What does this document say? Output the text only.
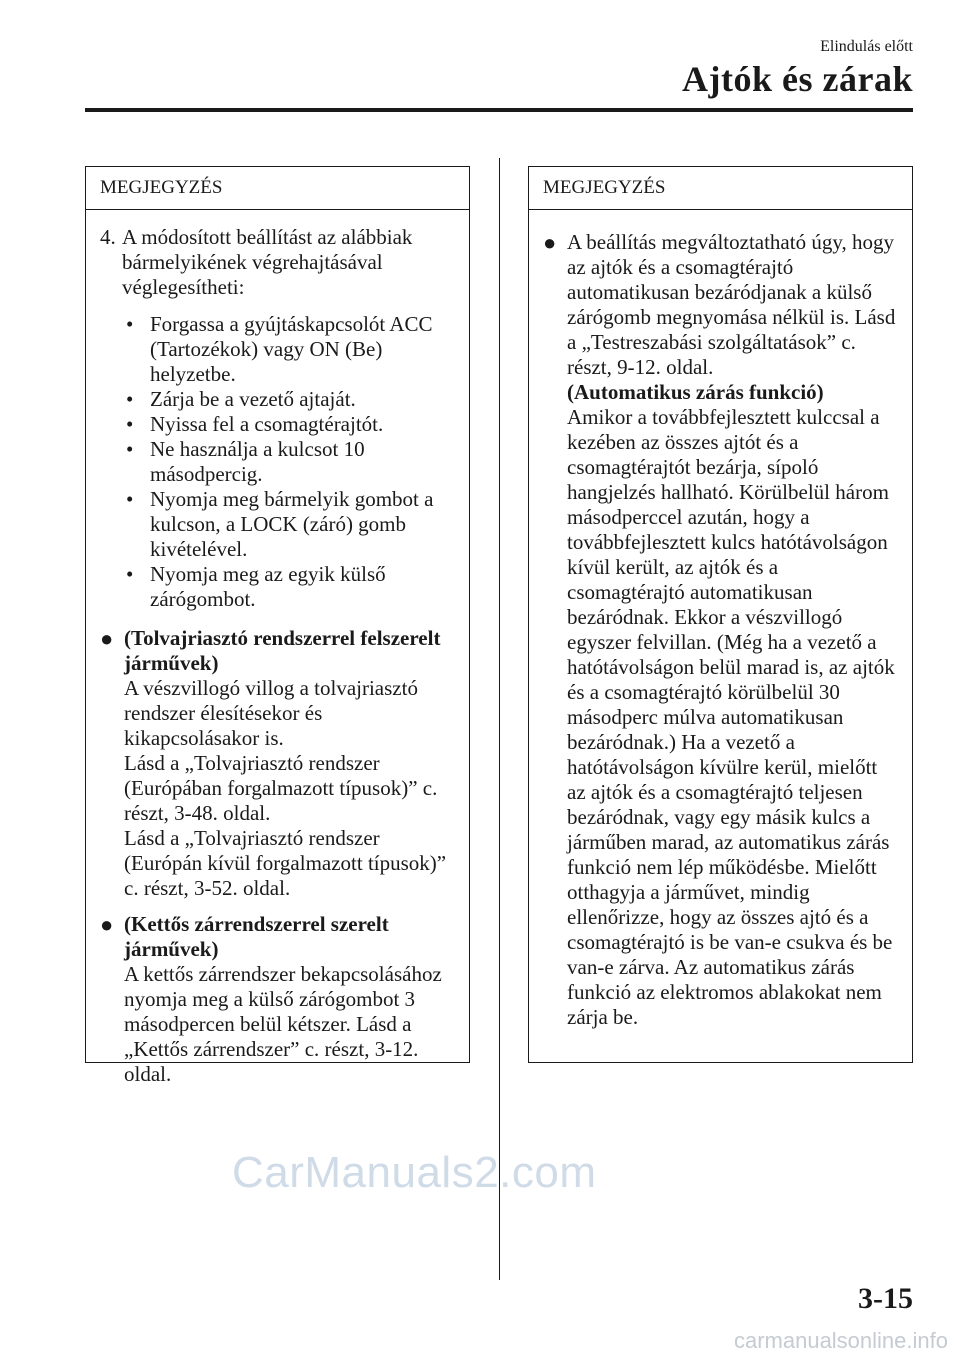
Elindulás előtt
Ajtók és zárak
MEGJEGYZÉS
4. A módosított beállítást az alábbiak bármelyikének végrehajtásával véglegesítheti:
• Forgassa a gyújtáskapcsolót ACC (Tartozékok) vagy ON (Be) helyzetbe.
• Zárja be a vezető ajtaját.
• Nyissa fel a csomagtérajtót.
• Ne használja a kulcsot 10 másodpercig.
• Nyomja meg bármelyik gombot a kulcson, a LOCK (záró) gomb kivételével.
• Nyomja meg az egyik külső zárógombot.
● (Tolvajriasztó rendszerrel felszerelt járművek)

A vészvillogó villog a tolvajriasztó rendszer élesítésekor és kikapcsolásakor is.

Lásd a „Tolvajriasztó rendszer (Európában forgalmazott típusok)” c. részt, 3-48. oldal.

Lásd a „Tolvajriasztó rendszer (Európán kívül forgalmazott típusok)” c. részt, 3-52. oldal.

● (Kettős zárrendszerrel szerelt járművek)

A kettős zárrendszer bekapcsolásához nyomja meg a külső zárógombot 3 másodpercen belül kétszer. Lásd a „Kettős zárrendszer” c. részt, 3-12. oldal.

MEGJEGYZÉS
● A beállítás megváltoztatható úgy, hogy az ajtók és a csomagtérajtó automatikusan bezáródjanak a külső zárógomb megnyomása nélkül is. Lásd a „Testreszabási szolgáltatások” c. részt, 9-12. oldal.

(Automatikus zárás funkció)

Amikor a továbbfejlesztett kulccsal a kezében az összes ajtót és a csomagtérajtót bezárja, sípoló hangjelzés hallható. Körülbelül három másodperccel azután, hogy a továbbfejlesztett kulcs hatótávolságon kívül került, az ajtók és a csomagtérajtó automatikusan bezáródnak. Ekkor a vészvillogó egyszer felvillan. (Még ha a vezető a hatótávolságon belül marad is, az ajtók és a csomagtérajtó körülbelül 30 másodperc múlva automatikusan bezáródnak.) Ha a vezető a hatótávolságon kívülre kerül, mielőtt az ajtók és a csomagtérajtó teljesen bezáródnak, vagy egy másik kulcs a járműben marad, az automatikus zárás funkció nem lép működésbe. Mielőtt otthagyja a járművet, mindig ellenőrizze, hogy az összes ajtó és a csomagtérajtó is be van-e csukva és be van-e zárva. Az automatikus zárás funkció az elektromos ablakokat nem zárja be.

CarManuals2.com
3-15
carmanualsonline.info
